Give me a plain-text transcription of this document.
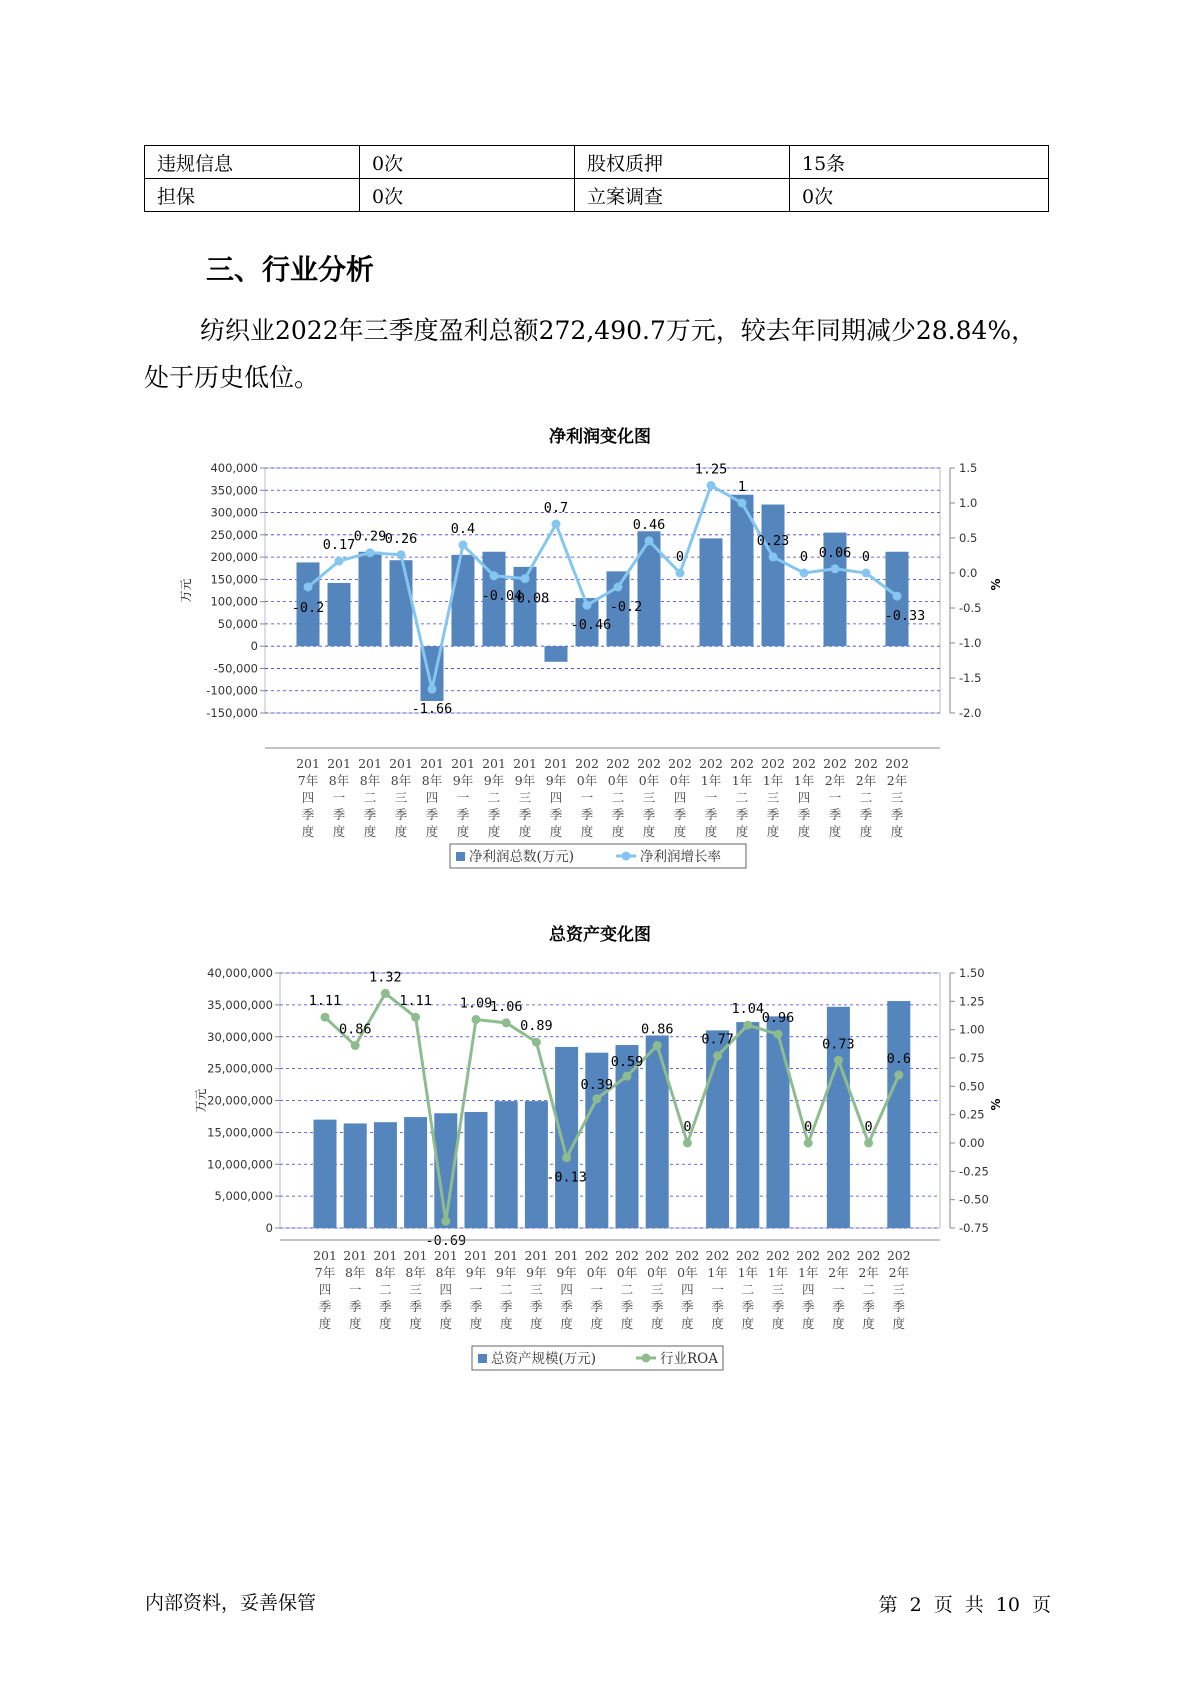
违规信息	0次	股权质押	15条
担保	0次	立案调查	0次
三、行业分析

纺织业2022年三季度盈利总额272,490.7万元，较去年同期减少28.84%，处于历史低位。

净利润变化图
400,000
350,000
300,000
250,000
200,000
150,000
100,000
50,000
0
-50,000
-100,000
-150,000
1.5
1.0
0.5
0.0
-0.5
-1.0
-1.5
-2.0
万元	%
-0.2
0.17
0.29
0.26
-1.66
0.4
-0.04
-0.08
0.7
-0.46
-0.2
0.46
0
1.25
1
0.23
0 0.06 0
-0.33
201
7年
四
季
度
201
8年
一
季
度
201
8年
二
季
度
201
8年
三
季
度
201
8年
四
季
度
201
9年
一
季
度
201
9年
二
季
度
201
9年
三
季
度
201
9年
四
季
度
202
0年
一
季
度
202
0年
二
季
度
202
0年
三
季
度
202
0年
四
季
度
202
1年
一
季
度
202
1年
二
季
度
202
1年
三
季
度
202
1年
四
季
度
202
2年
一
季
度
202
2年
二
季
度
202
2年
三
季
度
净利润总数(万元)	净利润增长率
总资产变化图
40,000,000
35,000,000
30,000,000
25,000,000
20,000,000
15,000,000
10,000,000
5,000,000
0
1.50
1.25
1.00
0.75
0.50
0.25
0.00
-0.25
-0.50
-0.75
万元	%
1.11
0.86
1.32
1.11
-0.69
1.09
1.06
0.89
-0.13
0.39
0.59
0.86
0
0.77
1.04
0.96
0
0.73
0
0.6
201
7年
四
季
度
201
8年
一
季
度
201
8年
二
季
度
201
8年
三
季
度
201
8年
四
季
度
201
9年
一
季
度
201
9年
二
季
度
201
9年
三
季
度
201
9年
四
季
度
202
0年
一
季
度
202
0年
二
季
度
202
0年
三
季
度
202
0年
四
季
度
202
1年
一
季
度
202
1年
二
季
度
202
1年
三
季
度
202
1年
四
季
度
202
2年
一
季
度
202
2年
二
季
度
202
2年
三
季
度
总资产规模(万元)	行业ROA
内部资料，妥善保管	第 2 页 共 10 页
